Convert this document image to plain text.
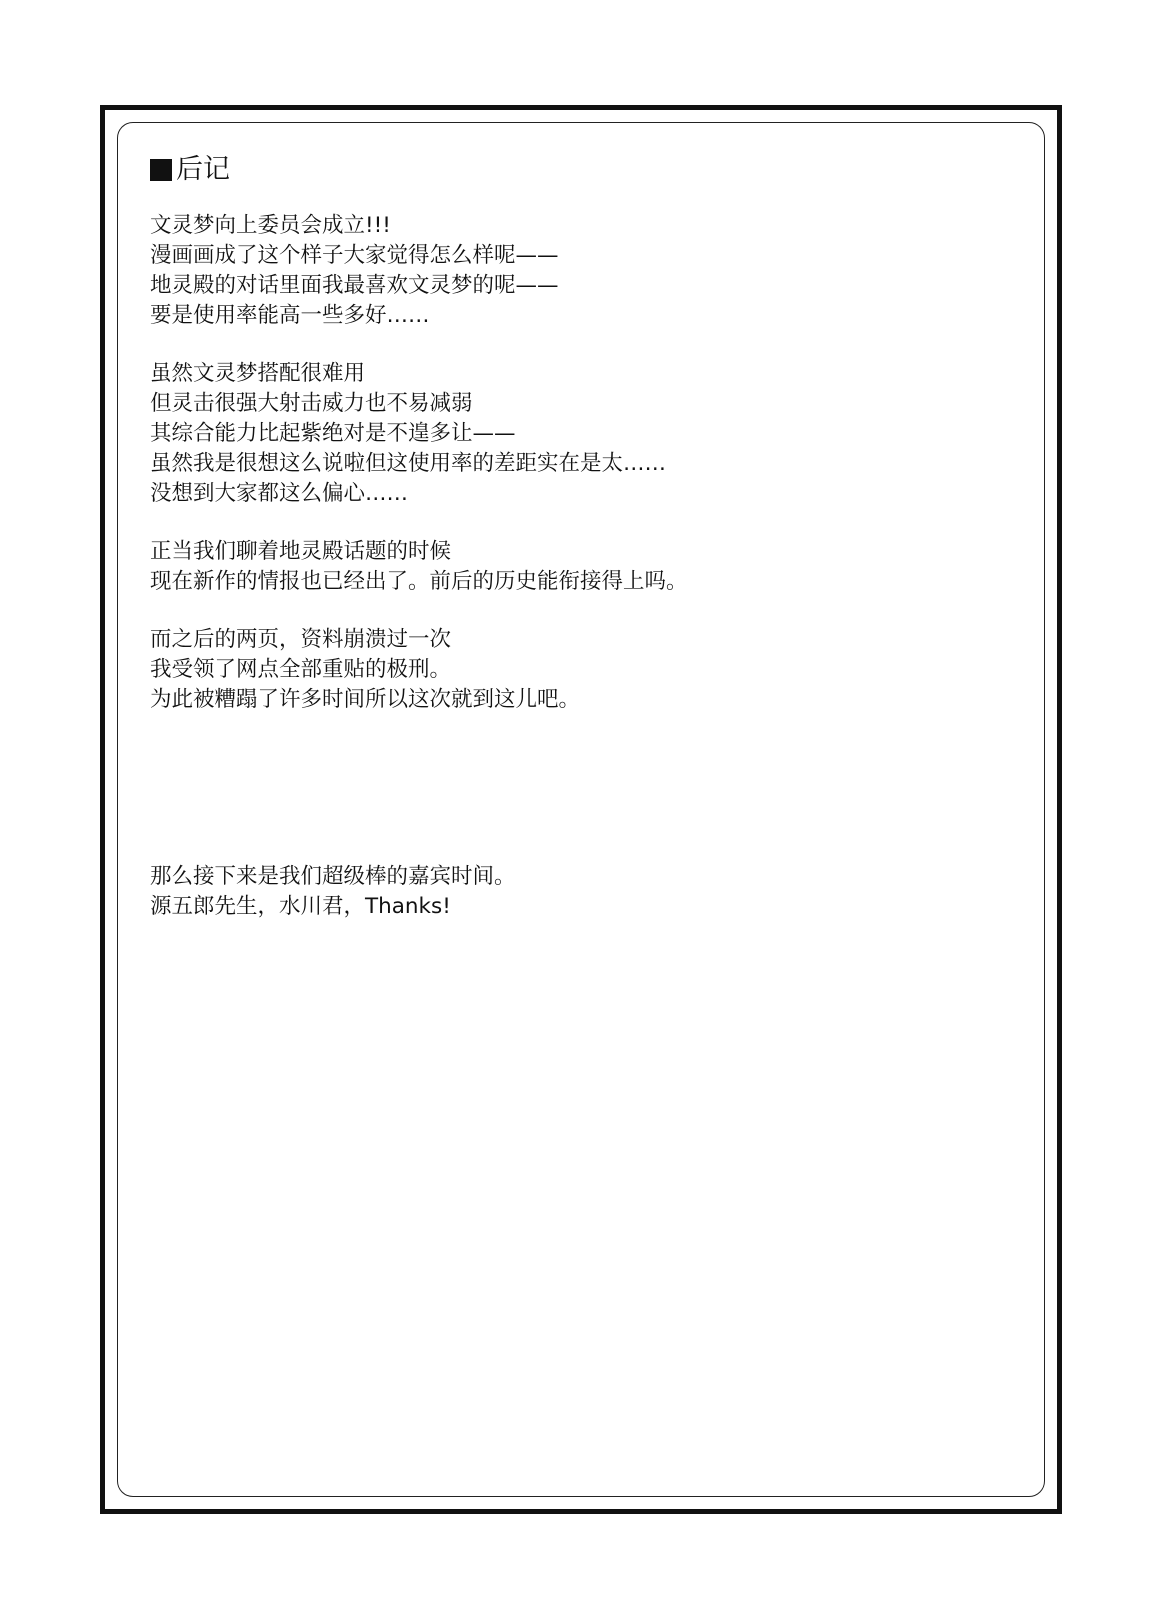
后记
文灵梦向上委员会成立!!!
漫画画成了这个样子大家觉得怎么样呢——
地灵殿的对话里面我最喜欢文灵梦的呢——
要是使用率能高一些多好……
虽然文灵梦搭配很难用
但灵击很强大射击威力也不易减弱
其综合能力比起紫绝对是不遑多让——
虽然我是很想这么说啦但这使用率的差距实在是太……
没想到大家都这么偏心……
正当我们聊着地灵殿话题的时候
现在新作的情报也已经出了。前后的历史能衔接得上吗。
而之后的两页，资料崩溃过一次
我受领了网点全部重贴的极刑。
为此被糟蹋了许多时间所以这次就到这儿吧。
那么接下来是我们超级棒的嘉宾时间。
源五郎先生，水川君，Thanks!
